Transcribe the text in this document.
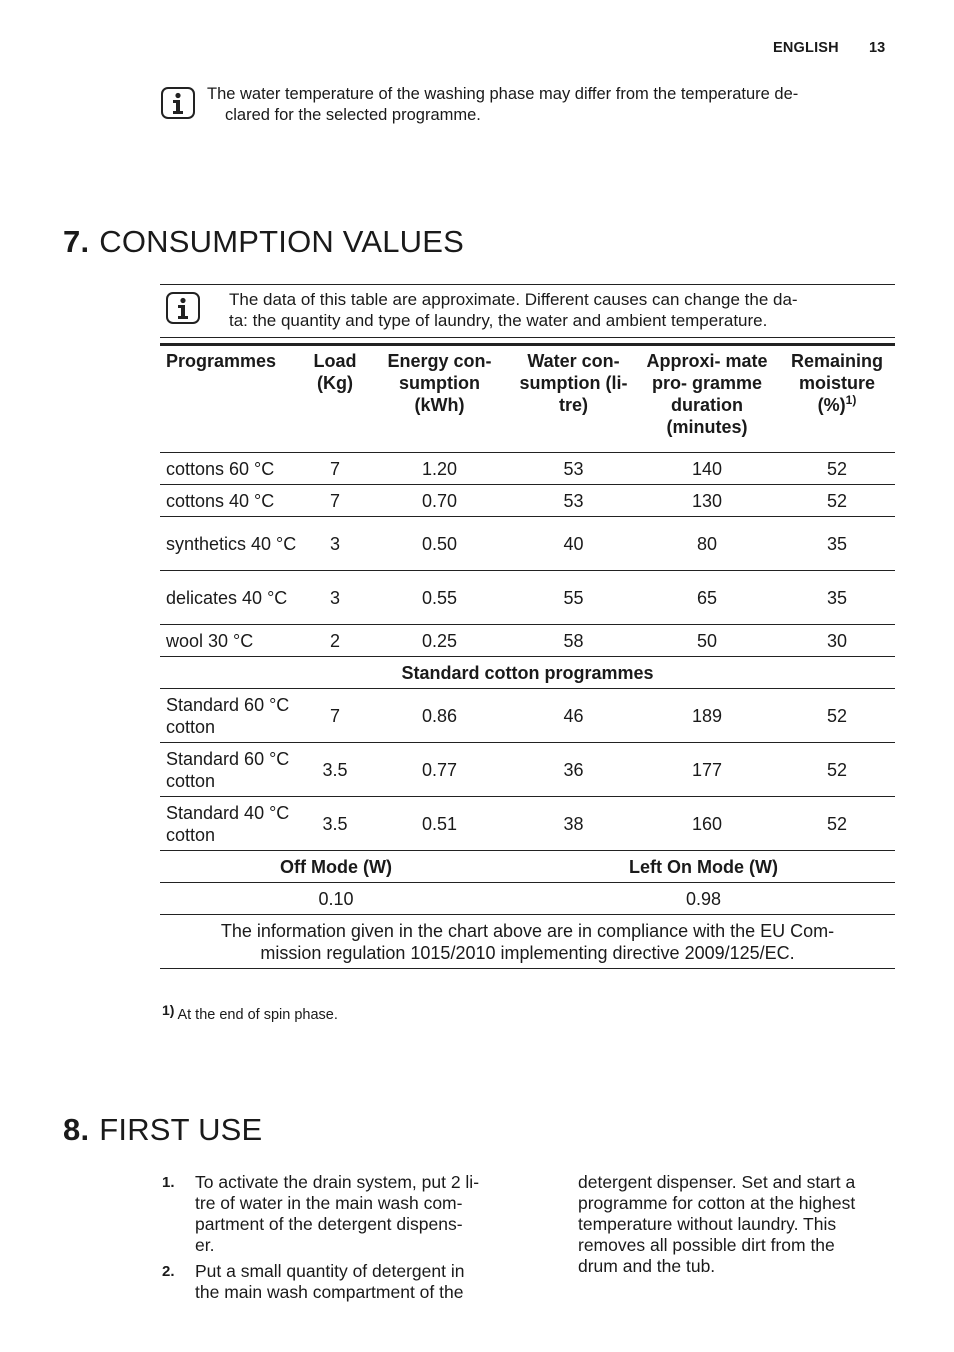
ENGLISH 13
The water temperature of the washing phase may differ from the temperature de-
clared for the selected programme.
7. CONSUMPTION VALUES
The data of this table are approximate. Different causes can change the da-
ta: the quantity and type of laundry, the water and ambient temperature.
Programmes	Load (Kg)	Energy con- sumption (kWh)	Water con- sumption (li- tre)	Approxi- mate pro- gramme duration (minutes)	Remaining moisture (%)$^{1)}$
cottons 60 °C	7	1.20	53	140	52
cottons 40 °C	7	0.70	53	130	52
synthetics 40 °C	3	0.50	40	80	35
delicates 40 °C	3	0.55	55	65	35
wool 30 °C	2	0.25	58	50	30
Standard cotton programmes					
Standard 60 °C cotton	7	0.86	46	189	52
Standard 60 °C cotton	3.5	0.77	36	177	52
Standard 40 °C cotton	3.5	0.51	38	160	52
Off Mode (W)			Left On Mode (W)		
0.10			0.98		

The information given in the chart above are in compliance with the EU Com-
mission regulation 1015/2010 implementing directive 2009/125/EC.					
1) At the end of spin phase.
8. FIRST USE
1. To activate the drain system, put 2 li-
tre of water in the main wash com-
partment of the detergent dispens-
er.
2. Put a small quantity of detergent in
the main wash compartment of the
detergent dispenser. Set and start a
programme for cotton at the highest
temperature without laundry. This
removes all possible dirt from the
drum and the tub.
